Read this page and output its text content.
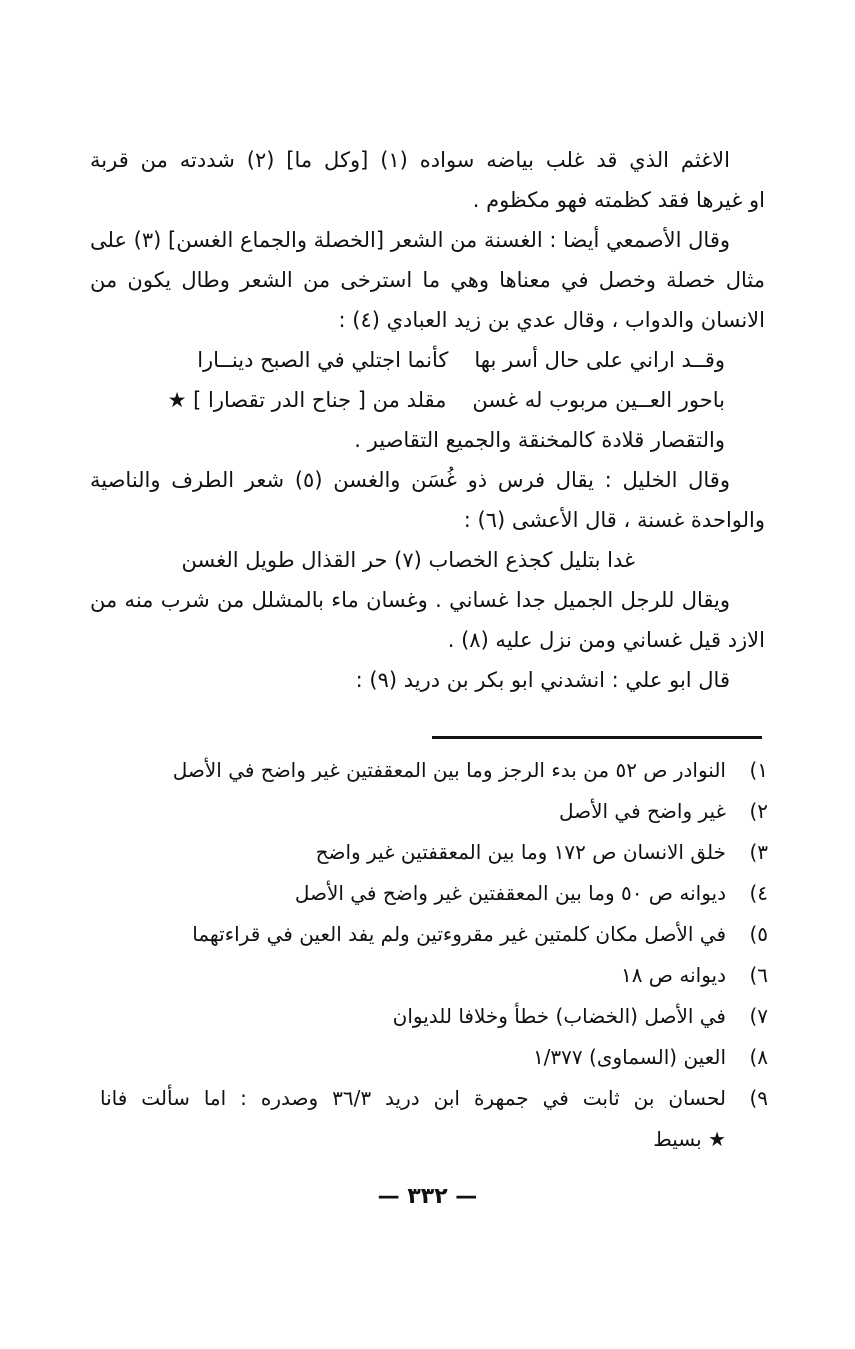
الاغثم الذي قد غلب بياضه سواده (١) [وكل ما] (٢) شددته من قربة
او غيرها فقد كظمته فهو مكظوم .
وقال الأصمعي أيضا : الغسنة من الشعر [الخصلة والجماع الغسن] (٣) على
مثال خصلة وخصل في معناها وهي ما استرخى من الشعر وطال يكون من
الانسان والدواب ، وقال عدي بن زيد العبادي (٤) :
وقــد اراني على حال أسر بها
كأنما اجتلي في الصبح دينــارا
باحور العــين مربوب له غسن
مقلد من [ جناح الدر تقصارا ] ★
والتقصار قلادة كالمخنقة والجميع التقاصير .
وقال الخليل : يقال فرس ذو غُسَن والغسن (٥) شعر الطرف والناصية
والواحدة غسنة ، قال الأعشى (٦) :
غدا بتليل كجذع الخصاب (٧) حر القذال طويل الغسن
ويقال للرجل الجميل جدا غساني . وغسان ماء بالمشلل من شرب منه من
الازد قيل غساني ومن نزل عليه (٨) .
قال ابو علي : انشدني ابو بكر بن دريد (٩) :
١)
النوادر ص ٥٢ من بدء الرجز وما بين المعقفتين غير واضح في الأصل
٢)
غير واضح في الأصل
٣)
خلق الانسان ص ١٧٢ وما بين المعقفتين غير واضح
٤)
ديوانه ص ٥٠ وما بين المعقفتين غير واضح في الأصل
٥)
في الأصل مكان كلمتين غير مقروءتين ولم يفد العين في قراءتهما
٦)
ديوانه ص ١٨
٧)
في الأصل (الخضاب) خطأ وخلافا للديوان
٨)
العين (السماوى) ١/٣٧٧
٩)
لحسان بن ثابت في جمهرة ابن دريد ٣٦/٣ وصدره : اما سألت فانا
★ بسيط
— ٣٣٢ —
